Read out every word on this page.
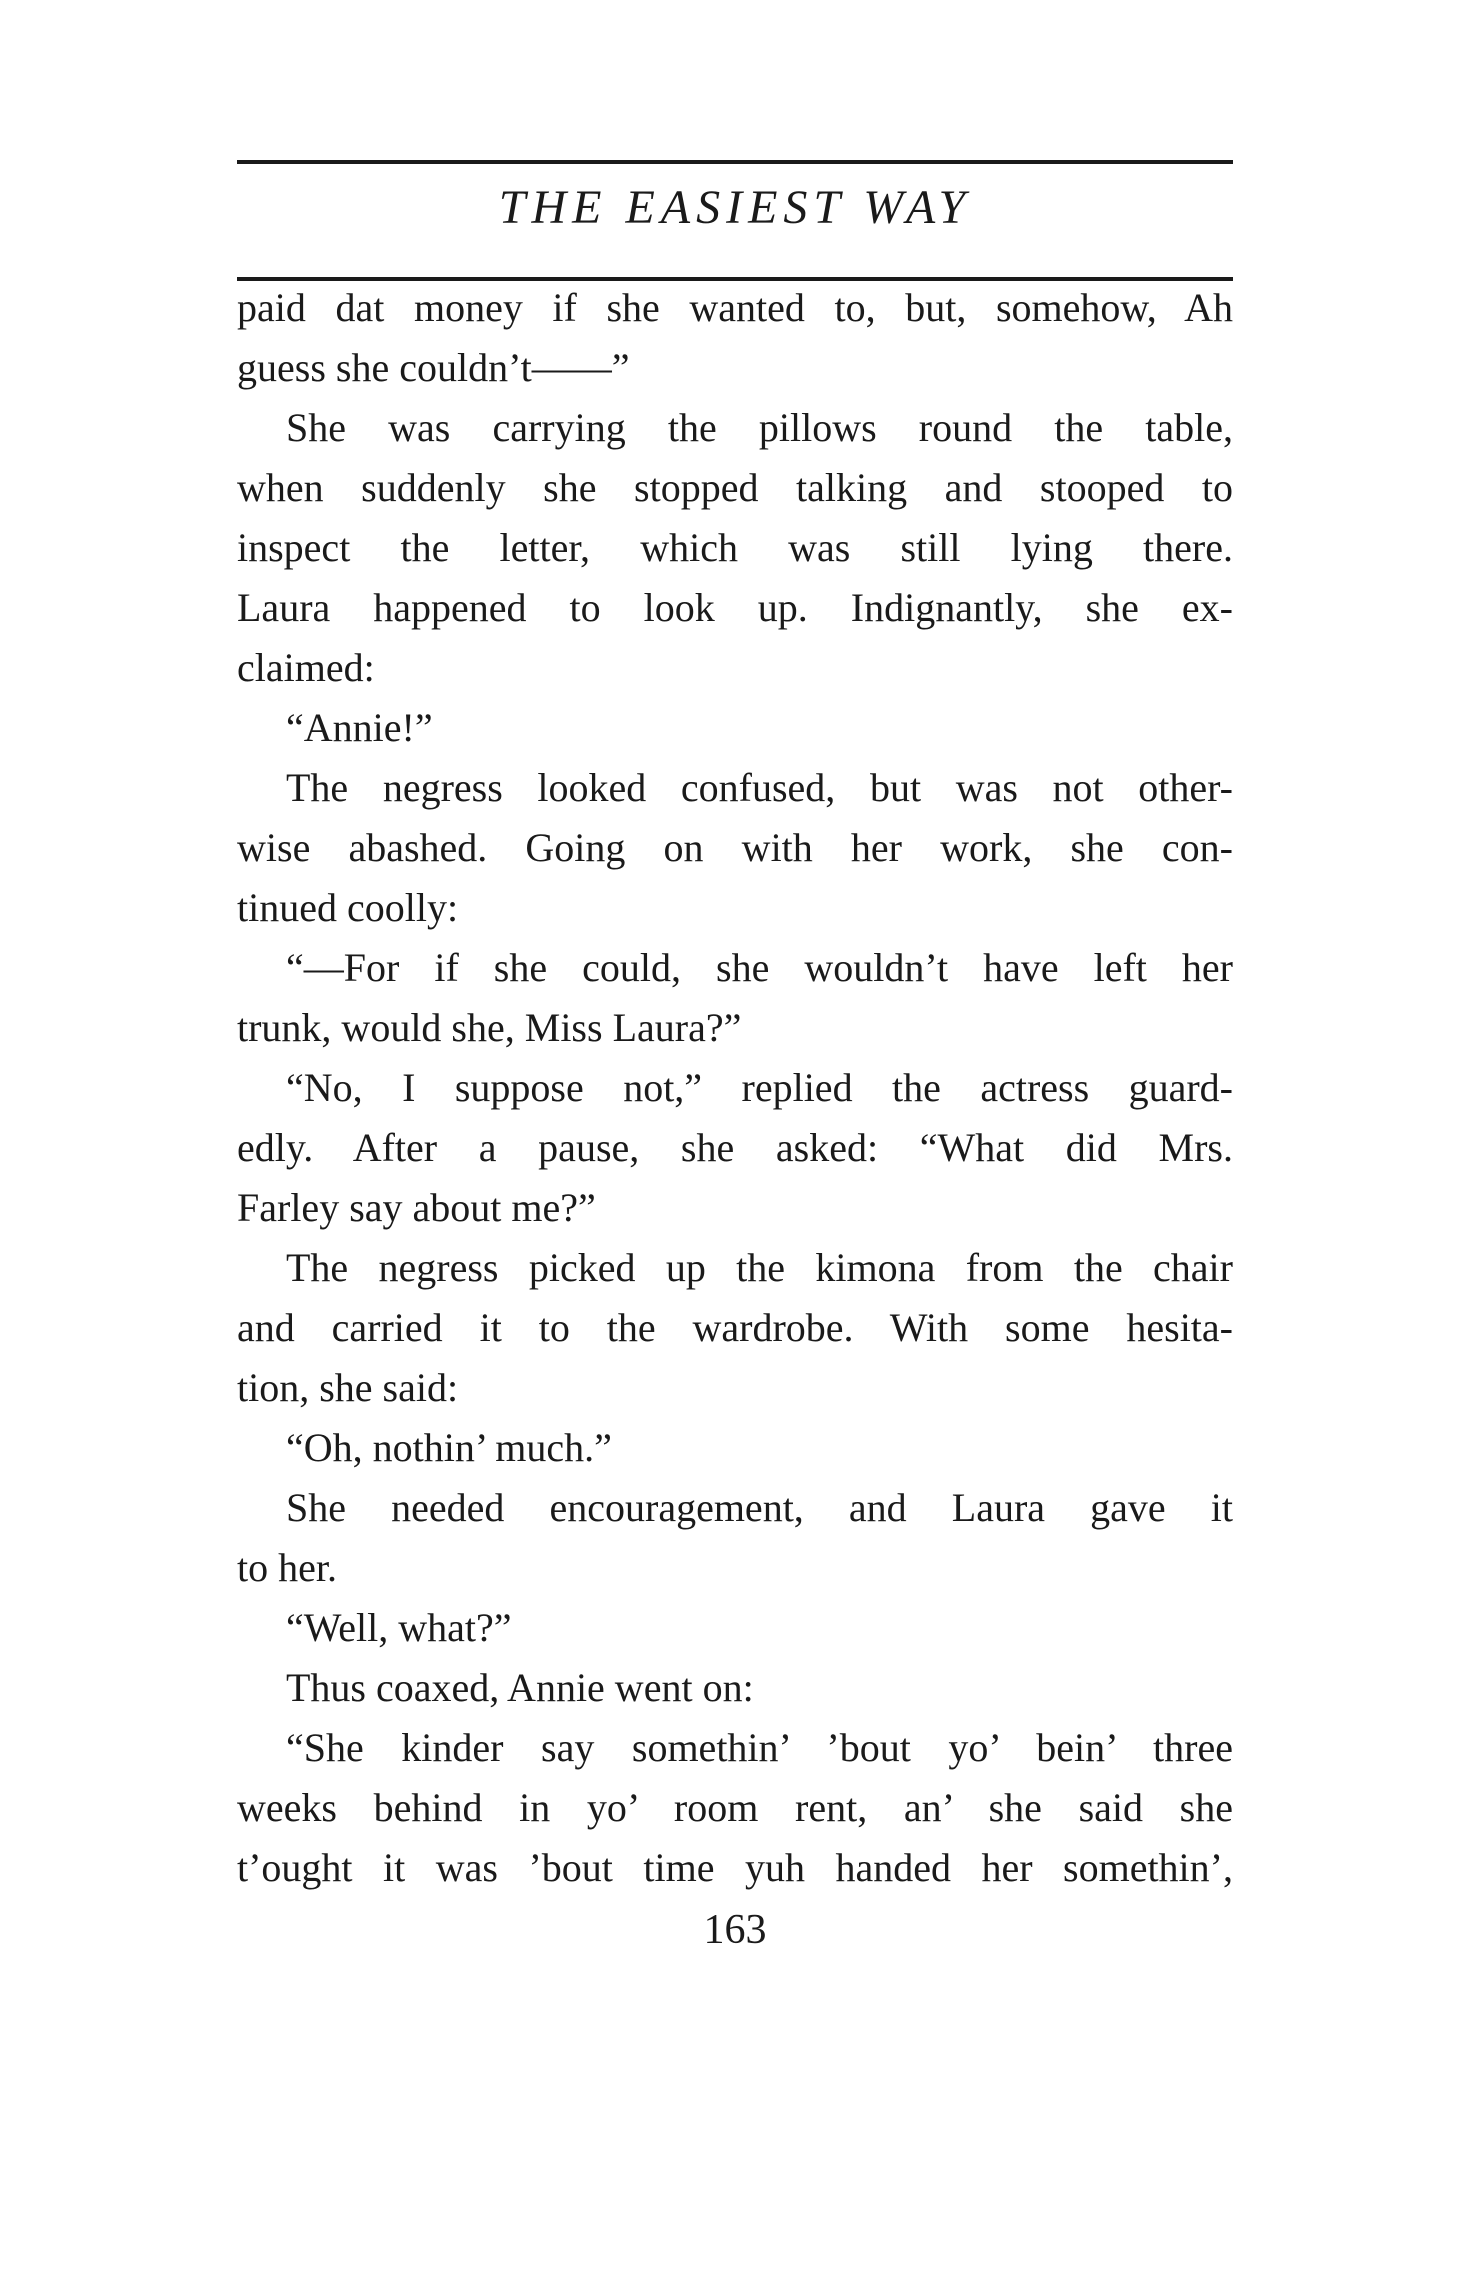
THE EASIEST WAY
paid dat money if she wanted to, but, somehow, Ah
guess she couldn’t——”
She was carrying the pillows round the table,
when suddenly she stopped talking and stooped to
inspect the letter, which was still lying there.
Laura happened to look up. Indignantly, she ex-
claimed:
“Annie!”
The negress looked confused, but was not other-
wise abashed. Going on with her work, she con-
tinued coolly:
“—For if she could, she wouldn’t have left her
trunk, would she, Miss Laura?”
“No, I suppose not,” replied the actress guard-
edly. After a pause, she asked: “What did Mrs.
Farley say about me?”
The negress picked up the kimona from the chair
and carried it to the wardrobe. With some hesita-
tion, she said:
“Oh, nothin’ much.”
She needed encouragement, and Laura gave it
to her.
“Well, what?”
Thus coaxed, Annie went on:
“She kinder say somethin’ ’bout yo’ bein’ three
weeks behind in yo’ room rent, an’ she said she
t’ought it was ’bout time yuh handed her somethin’,
163
